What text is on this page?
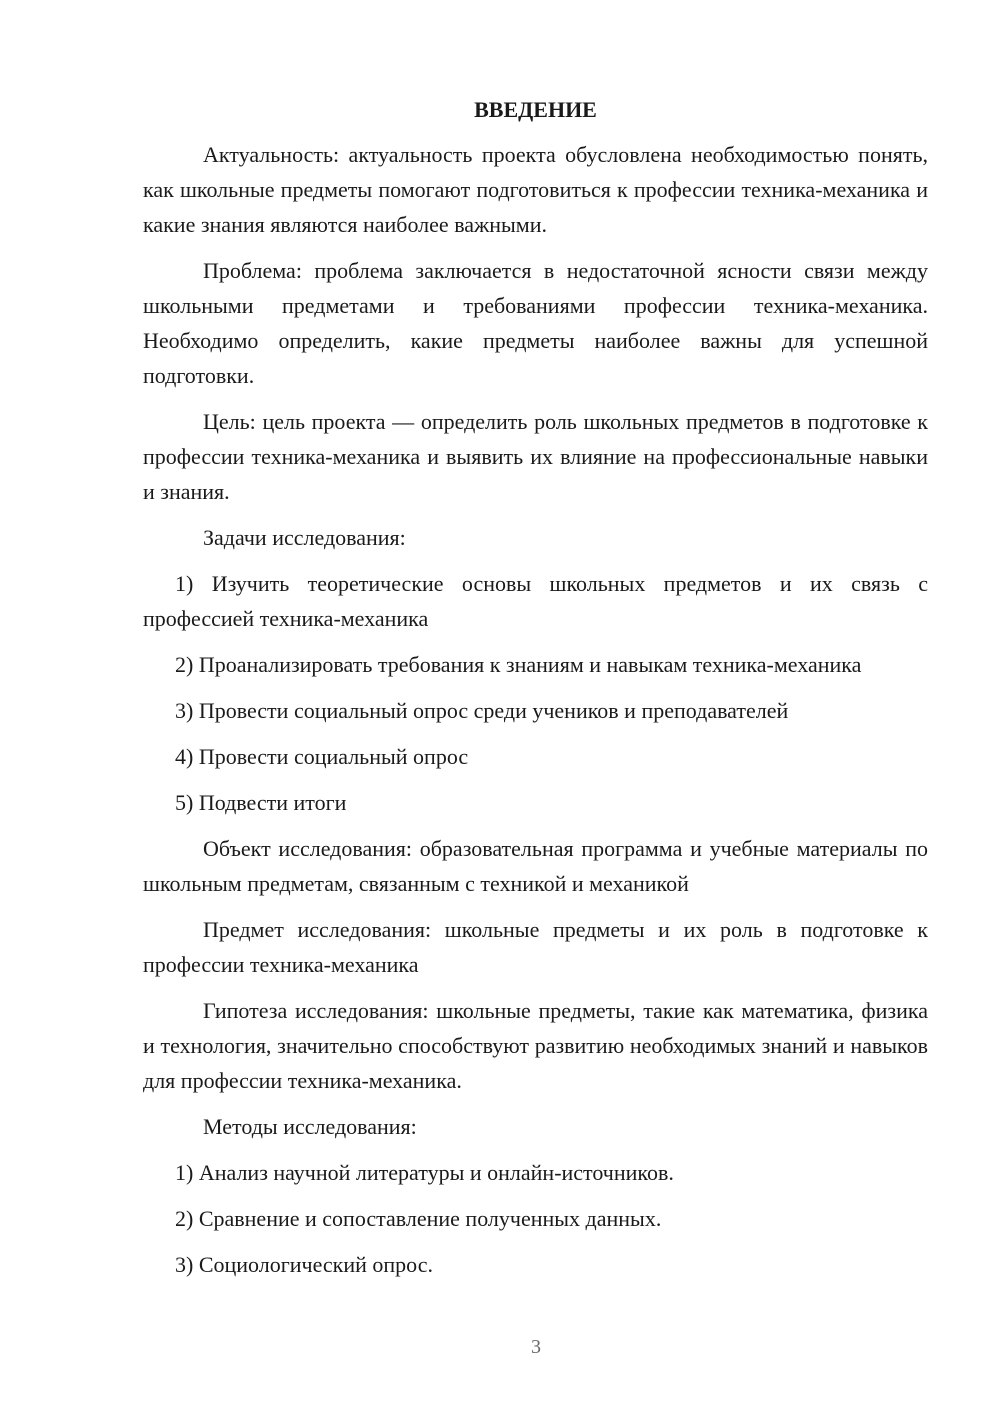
ВВЕДЕНИЕ

Актуальность: актуальность проекта обусловлена необходимостью понять, как школьные предметы помогают подготовиться к профессии техника-механика и какие знания являются наиболее важными.

Проблема: проблема заключается в недостаточной ясности связи между школьными предметами и требованиями профессии техника-механика. Необходимо определить, какие предметы наиболее важны для успешной подготовки.

Цель: цель проекта — определить роль школьных предметов в подготовке к профессии техника-механика и выявить их влияние на профессиональные навыки и знания.

Задачи исследования:

1) Изучить теоретические основы школьных предметов и их связь с профессией техника-механика

2) Проанализировать требования к знаниям и навыкам техника-механика

3) Провести социальный опрос среди учеников и преподавателей

4) Провести социальный опрос

5) Подвести итоги

Объект исследования: образовательная программа и учебные материалы по школьным предметам, связанным с техникой и механикой

Предмет исследования: школьные предметы и их роль в подготовке к профессии техника-механика

Гипотеза исследования: школьные предметы, такие как математика, физика и технология, значительно способствуют развитию необходимых знаний и навыков для профессии техника-механика.

Методы исследования:

1) Анализ научной литературы и онлайн-источников.

2) Сравнение и сопоставление полученных данных.

3) Социологический опрос.

3
